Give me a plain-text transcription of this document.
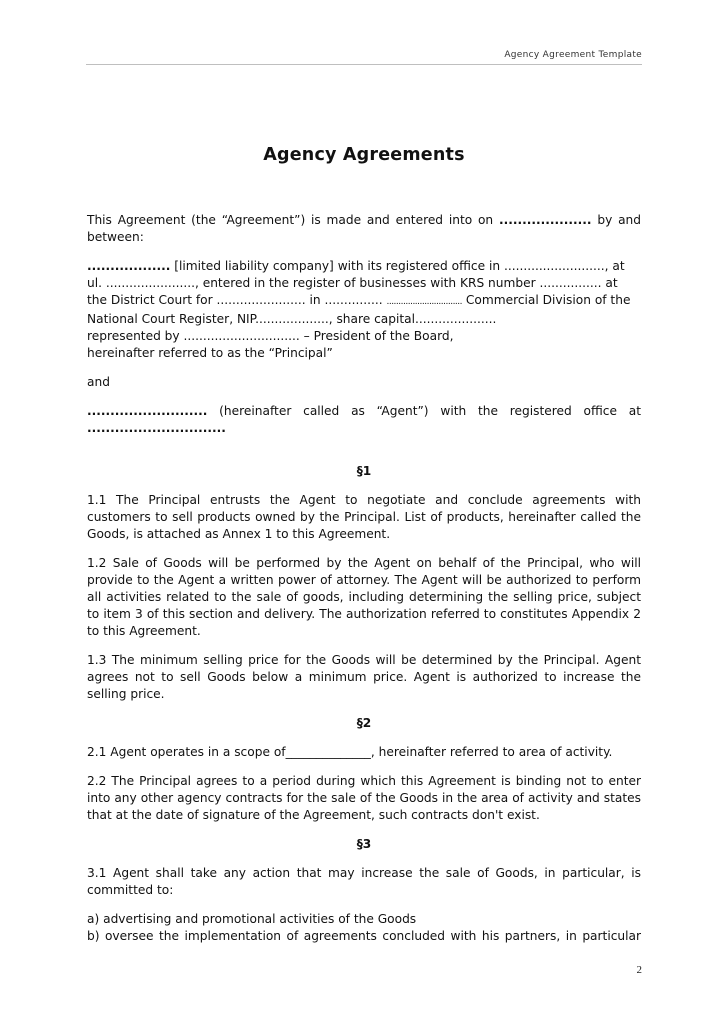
Agency Agreement Template
Agency Agreements

This Agreement (the “Agreement”) is made and entered into on .................... by and between:

.................. [limited liability company] with its registered office in .........................., at
ul. ......................., entered in the register of businesses with KRS number ................ at
the District Court for ....................... in ............... ................................ Commercial Division of the
National Court Register, NIP..................., share capital.....................
represented by .............................. – President of the Board,
hereinafter referred to as the “Principal”

and

.......................... (hereinafter called as “Agent”) with the registered office at ..............................

§1

1.1 The Principal entrusts the Agent to negotiate and conclude agreements with customers to sell products owned by the Principal. List of products, hereinafter called the Goods, is attached as Annex 1 to this Agreement.

1.2 Sale of Goods will be performed by the Agent on behalf of the Principal, who will provide to the Agent a written power of attorney. The Agent will be authorized to perform all activities related to the sale of goods, including determining the selling price, subject to item 3 of this section and delivery. The authorization referred to constitutes Appendix 2 to this Agreement.

1.3 The minimum selling price for the Goods will be determined by the Principal. Agent agrees not to sell Goods below a minimum price. Agent is authorized to increase the selling price.

§2

2.1 Agent operates in a scope of______________, hereinafter referred to area of activity.

2.2 The Principal agrees to a period during which this Agreement is binding not to enter into any other agency contracts for the sale of the Goods in the area of activity and states that at the date of signature of the Agreement, such contracts don't exist.

§3

3.1 Agent shall take any action that may increase the sale of Goods, in particular, is committed to:

a) advertising and promotional activities of the Goods

b) oversee the implementation of agreements concluded with his partners, in particular

2
